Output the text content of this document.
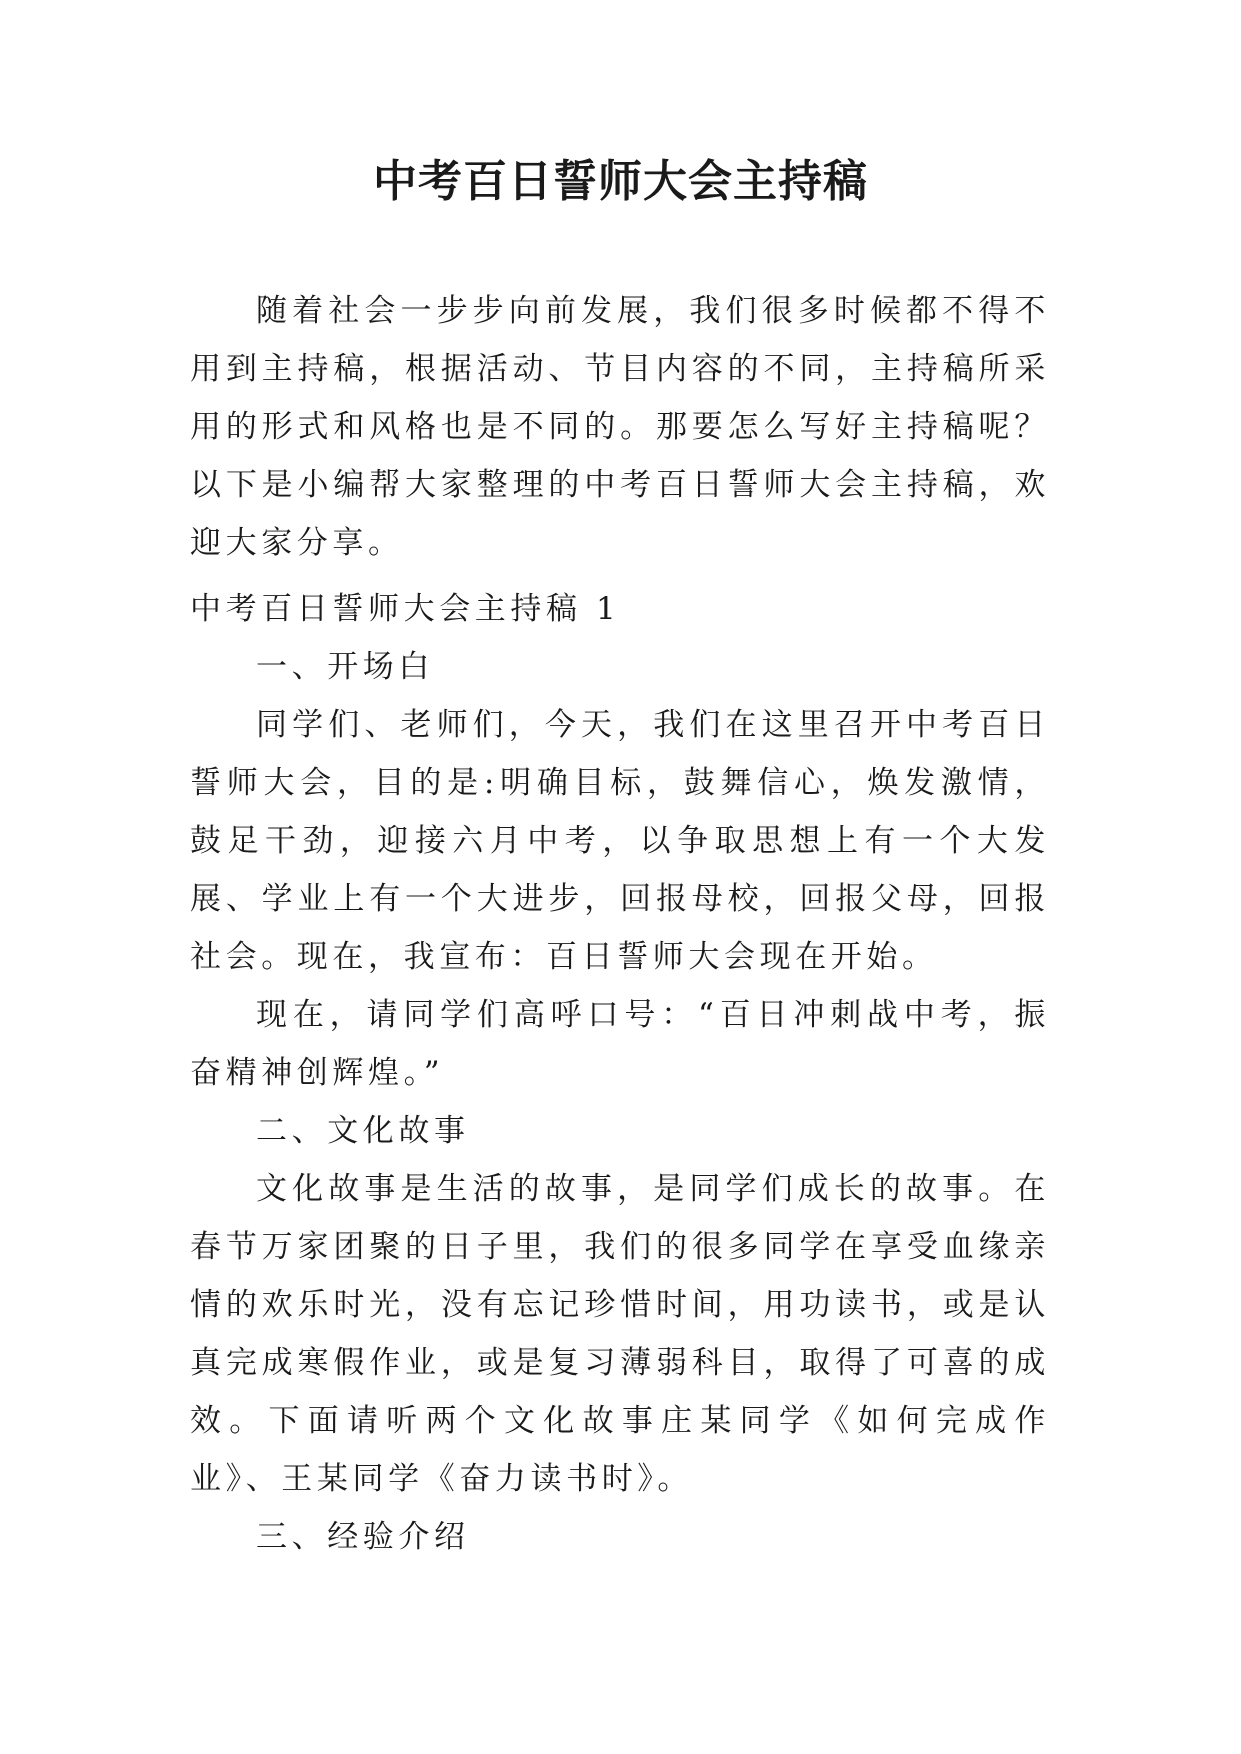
中考百日誓师大会主持稿

随着社会一步步向前发展，我们很多时候都不得不用到主持稿，根据活动、节目内容的不同，主持稿所采用的形式和风格也是不同的。那要怎么写好主持稿呢？以下是小编帮大家整理的中考百日誓师大会主持稿，欢迎大家分享。

中考百日誓师大会主持稿 1

一、开场白

同学们、老师们，今天，我们在这里召开中考百日誓师大会，目的是:明确目标，鼓舞信心，焕发激情，鼓足干劲，迎接六月中考，以争取思想上有一个大发展、学业上有一个大进步，回报母校，回报父母，回报社会。现在，我宣布：百日誓师大会现在开始。

现在，请同学们高呼口号：“百日冲刺战中考，振奋精神创辉煌。”

二、文化故事

文化故事是生活的故事，是同学们成长的故事。在春节万家团聚的日子里，我们的很多同学在享受血缘亲情的欢乐时光，没有忘记珍惜时间，用功读书，或是认真完成寒假作业，或是复习薄弱科目，取得了可喜的成效。下面请听两个文化故事庄某同学《如何完成作业》、王某同学《奋力读书时》。

三、经验介绍
